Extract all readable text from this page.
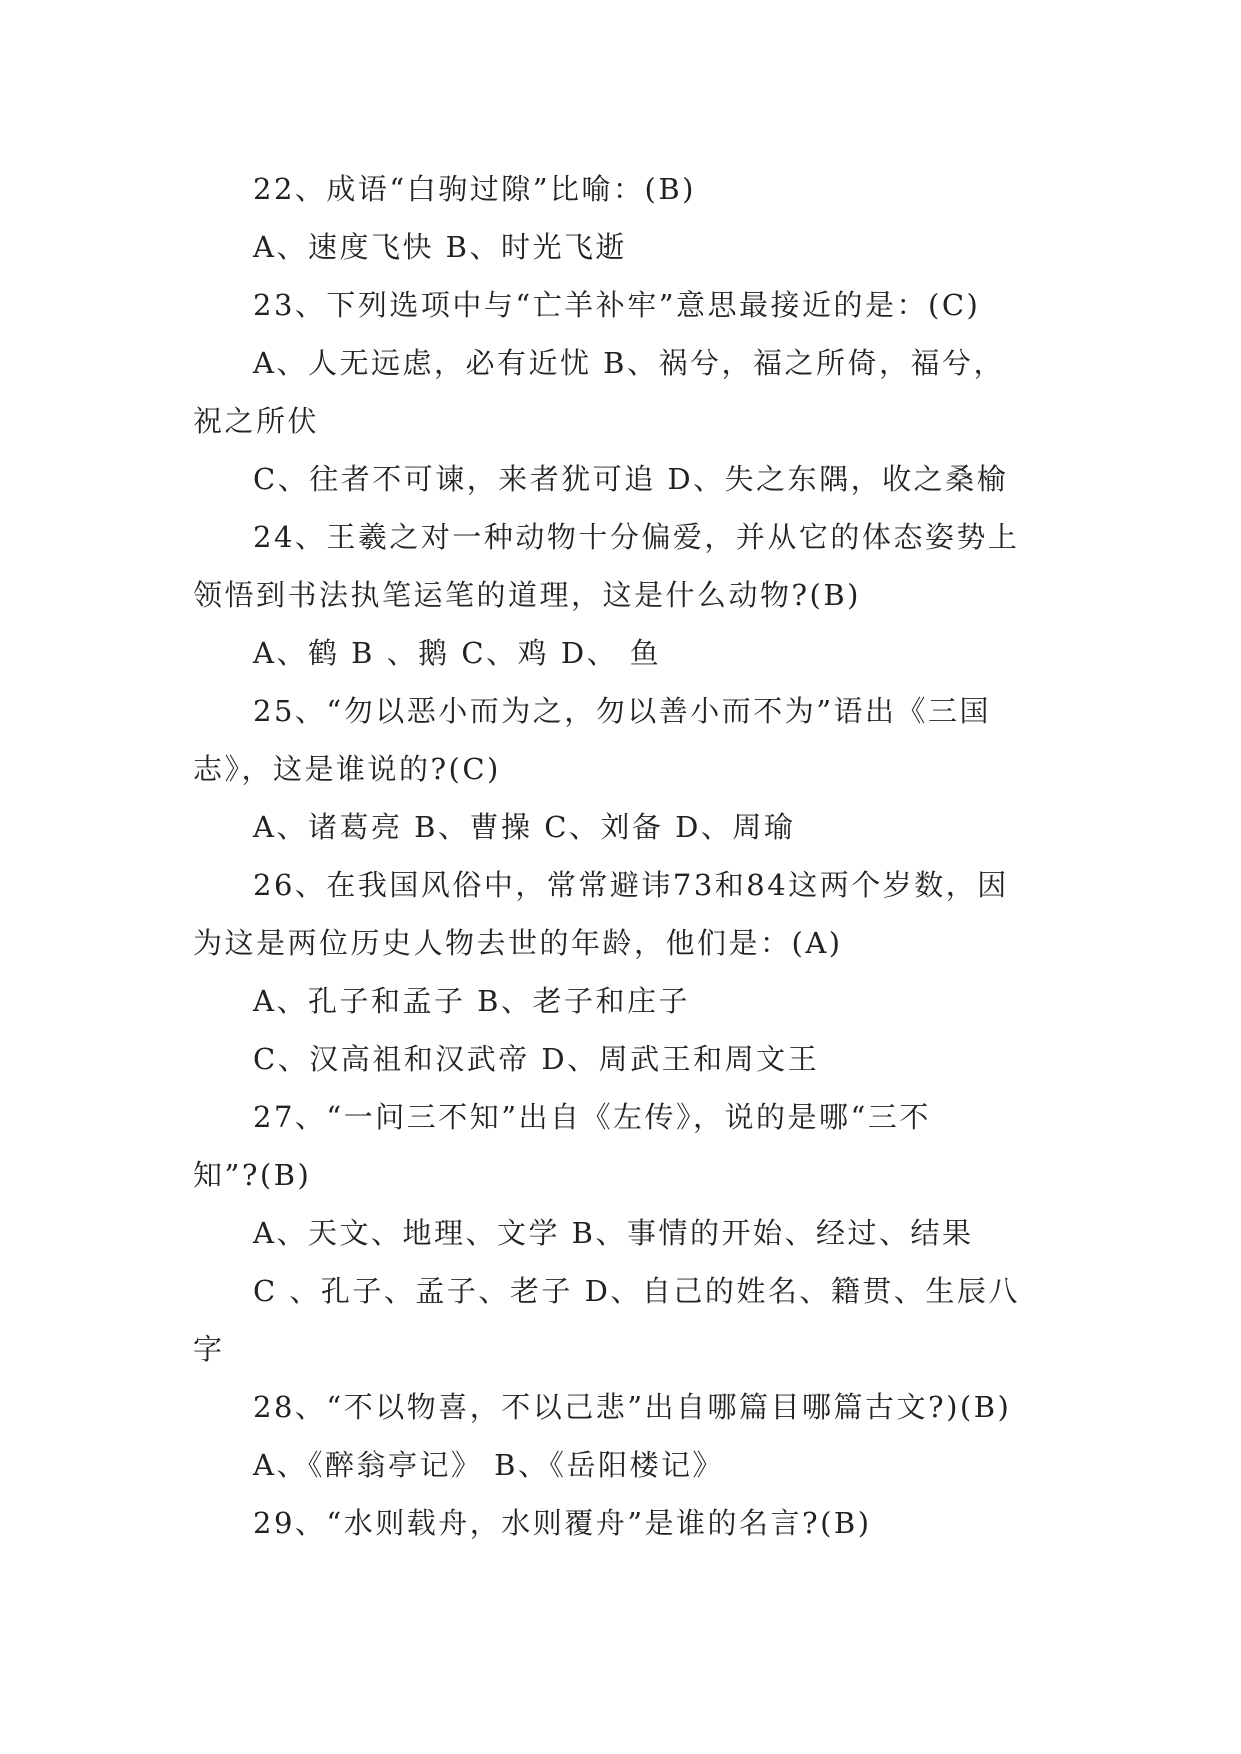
22、成语“白驹过隙”比喻：(B)
A、速度飞快 B、时光飞逝
23、下列选项中与“亡羊补牢”意思最接近的是：(C)
A、人无远虑，必有近忧 B、祸兮，福之所倚，福兮，
祝之所伏
C、往者不可谏，来者犹可追 D、失之东隅，收之桑榆
24、王羲之对一种动物十分偏爱，并从它的体态姿势上
领悟到书法执笔运笔的道理，这是什么动物?(B)
A、鹤 B 、鹅 C、鸡 D、 鱼
25、“勿以恶小而为之，勿以善小而不为”语出《三国
志》，这是谁说的?(C)
A、诸葛亮 B、曹操 C、刘备 D、周瑜
26、在我国风俗中，常常避讳73和84这两个岁数，因
为这是两位历史人物去世的年龄，他们是：(A)
A、孔子和孟子 B、老子和庄子
C、汉高祖和汉武帝 D、周武王和周文王
27、“一问三不知”出自《左传》，说的是哪“三不
知”?(B)
A、天文、地理、文学 B、事情的开始、经过、结果
C 、孔子、孟子、老子 D、自己的姓名、籍贯、生辰八
字
28、“不以物喜，不以己悲”出自哪篇目哪篇古文?)(B)
A、《醉翁亭记》 B、《岳阳楼记》
29、“水则载舟，水则覆舟”是谁的名言?(B)
